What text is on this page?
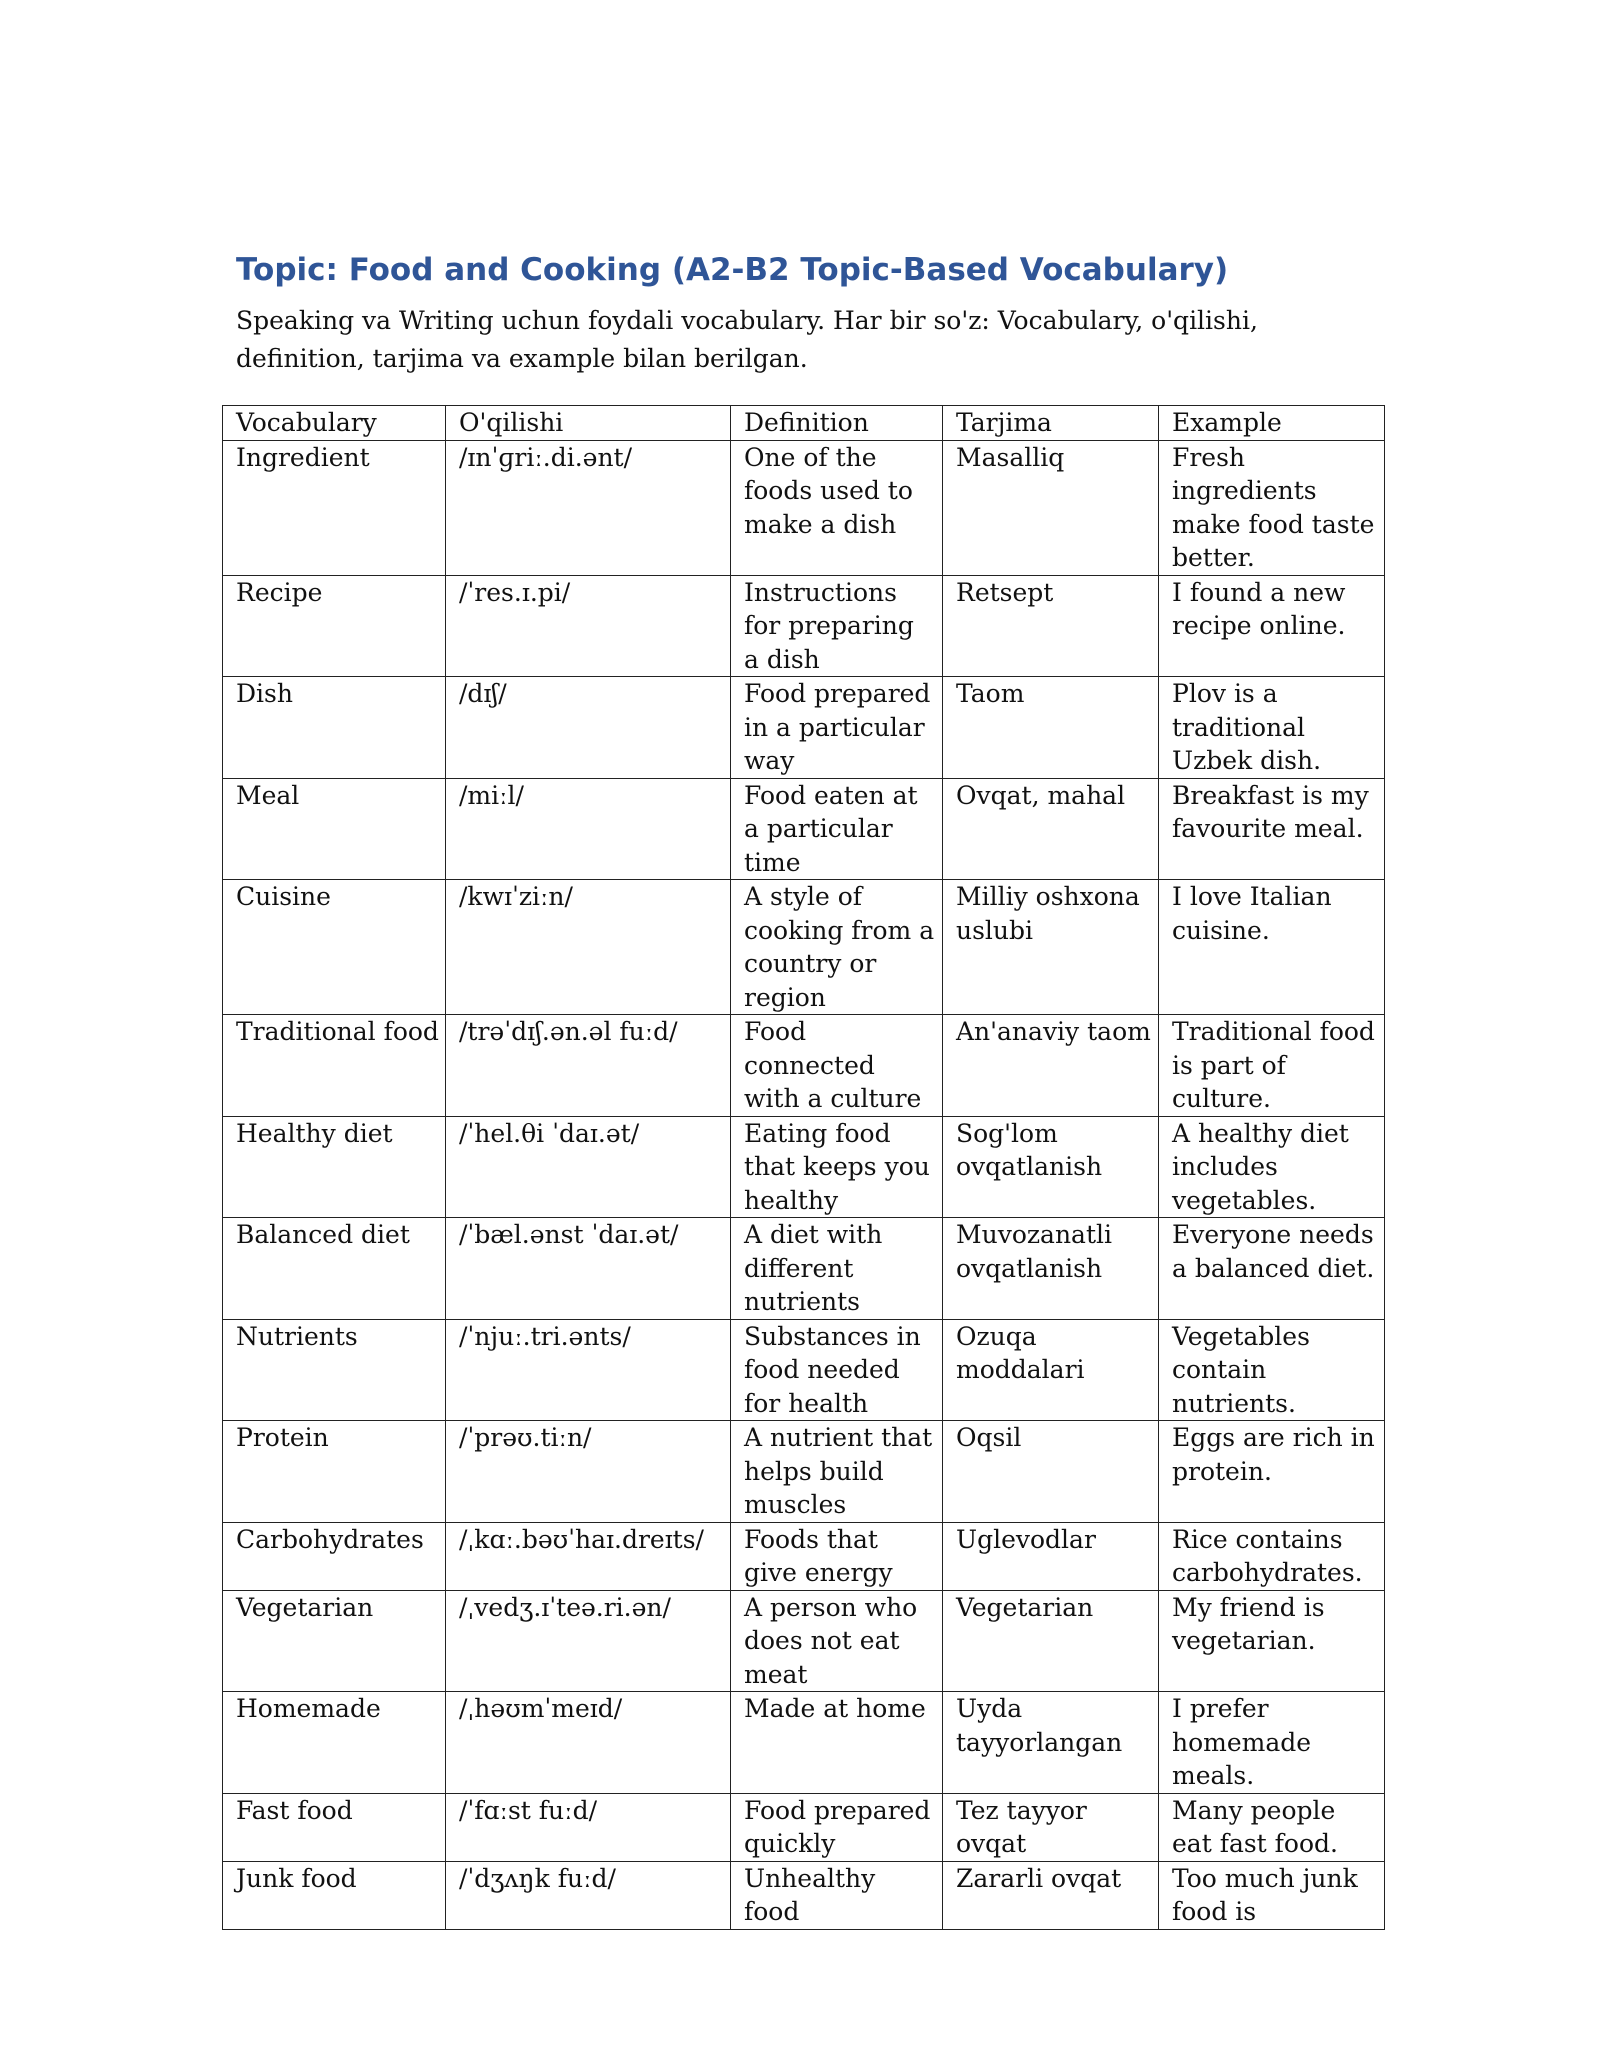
Topic: Food and Cooking (A2-B2 Topic-Based Vocabulary)

Speaking va Writing uchun foydali vocabulary. Har bir so'z: Vocabulary, o'qilishi, definition, tarjima va example bilan berilgan.

Vocabulary	O'qilishi	Definition	Tarjima	Example
Ingredient	/ɪnˈɡriː.di.ənt/	One of the foods used to make a dish	Masalliq	Fresh ingredients make food taste better.
Recipe	/ˈres.ɪ.pi/	Instructions for preparing a dish	Retsept	I found a new recipe online.
Dish	/dɪʃ/	Food prepared in a particular way	Taom	Plov is a traditional Uzbek dish.
Meal	/miːl/	Food eaten at a particular time	Ovqat, mahal	Breakfast is my favourite meal.
Cuisine	/kwɪˈziːn/	A style of cooking from a country or region	Milliy oshxona uslubi	I love Italian cuisine.
Traditional food	/trəˈdɪʃ.ən.əl fuːd/	Food connected with a culture	An'anaviy taom	Traditional food is part of culture.
Healthy diet	/ˈhel.θi ˈdaɪ.ət/	Eating food that keeps you healthy	Sog'lom ovqatlanish	A healthy diet includes vegetables.
Balanced diet	/ˈbæl.ənst ˈdaɪ.ət/	A diet with different nutrients	Muvozanatli ovqatlanish	Everyone needs a balanced diet.
Nutrients	/ˈnjuː.tri.ənts/	Substances in food needed for health	Ozuqa moddalari	Vegetables contain nutrients.
Protein	/ˈprəʊ.tiːn/	A nutrient that helps build muscles	Oqsil	Eggs are rich in protein.
Carbohydrates	/ˌkɑː.bəʊˈhaɪ.dreɪts/	Foods that give energy	Uglevodlar	Rice contains carbohydrates.
Vegetarian	/ˌvedʒ.ɪˈteə.ri.ən/	A person who does not eat meat	Vegetarian	My friend is vegetarian.
Homemade	/ˌhəʊmˈmeɪd/	Made at home	Uyda tayyorlangan	I prefer homemade meals.
Fast food	/ˈfɑːst fuːd/	Food prepared quickly	Tez tayyor ovqat	Many people eat fast food.
Junk food	/ˈdʒʌŋk fuːd/	Unhealthy food	Zararli ovqat	Too much junk food is
